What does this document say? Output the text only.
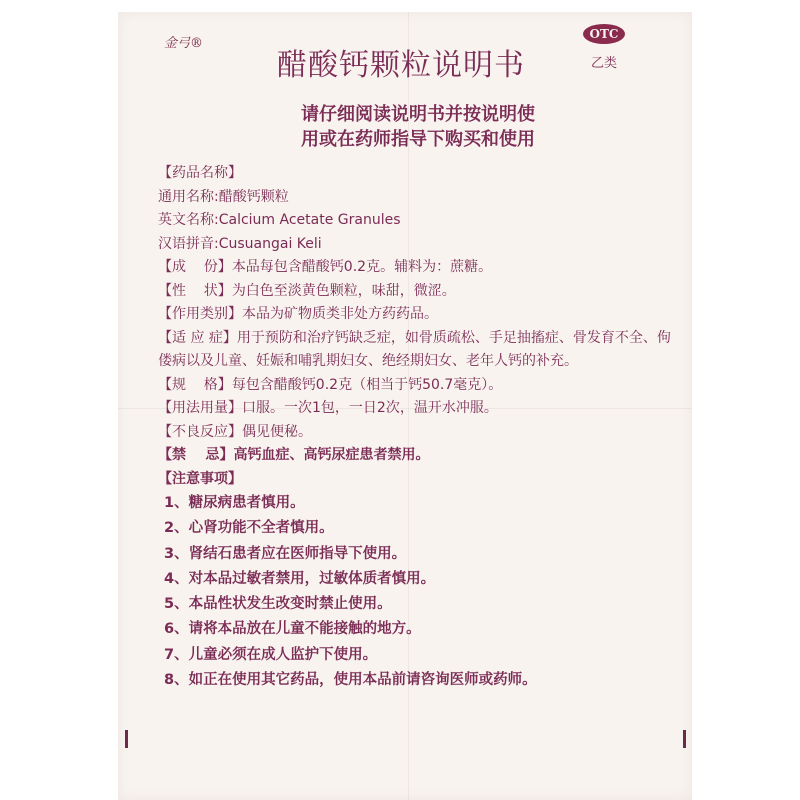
金弓®
醋酸钙颗粒说明书
OTC
乙类
请仔细阅读说明书并按说明使
用或在药师指导下购买和使用
【药品名称】
通用名称: 醋酸钙颗粒
英文名称: Calcium Acetate Granules
汉语拼音: Cusuangai Keli
【成    份】 本品每包含醋酸钙0.2克。辅料为：蔗糖。
【性    状】 为白色至淡黄色颗粒，味甜，微涩。
【作用类别】 本品为矿物质类非处方药药品。
【适 应 症】用于预防和治疗钙缺乏症，如骨质疏松、手足抽搐症、骨发育不全、佝偻病以及儿童、妊娠和哺乳期妇女、绝经期妇女、老年人钙的补充。
【规    格】 每包含醋酸钙0.2克（相当于钙50.7毫克）。
【用法用量】 口服。一次1包，一日2次，温开水冲服。
【不良反应】 偶见便秘。
【禁    忌】 高钙血症、高钙尿症患者禁用。
【注意事项】
1、糖尿病患者慎用。
2、心肾功能不全者慎用。
3、肾结石患者应在医师指导下使用。
4、对本品过敏者禁用，过敏体质者慎用。
5、本品性状发生改变时禁止使用。
6、请将本品放在儿童不能接触的地方。
7、儿童必须在成人监护下使用。
8、如正在使用其它药品，使用本品前请咨询医师或药师。
